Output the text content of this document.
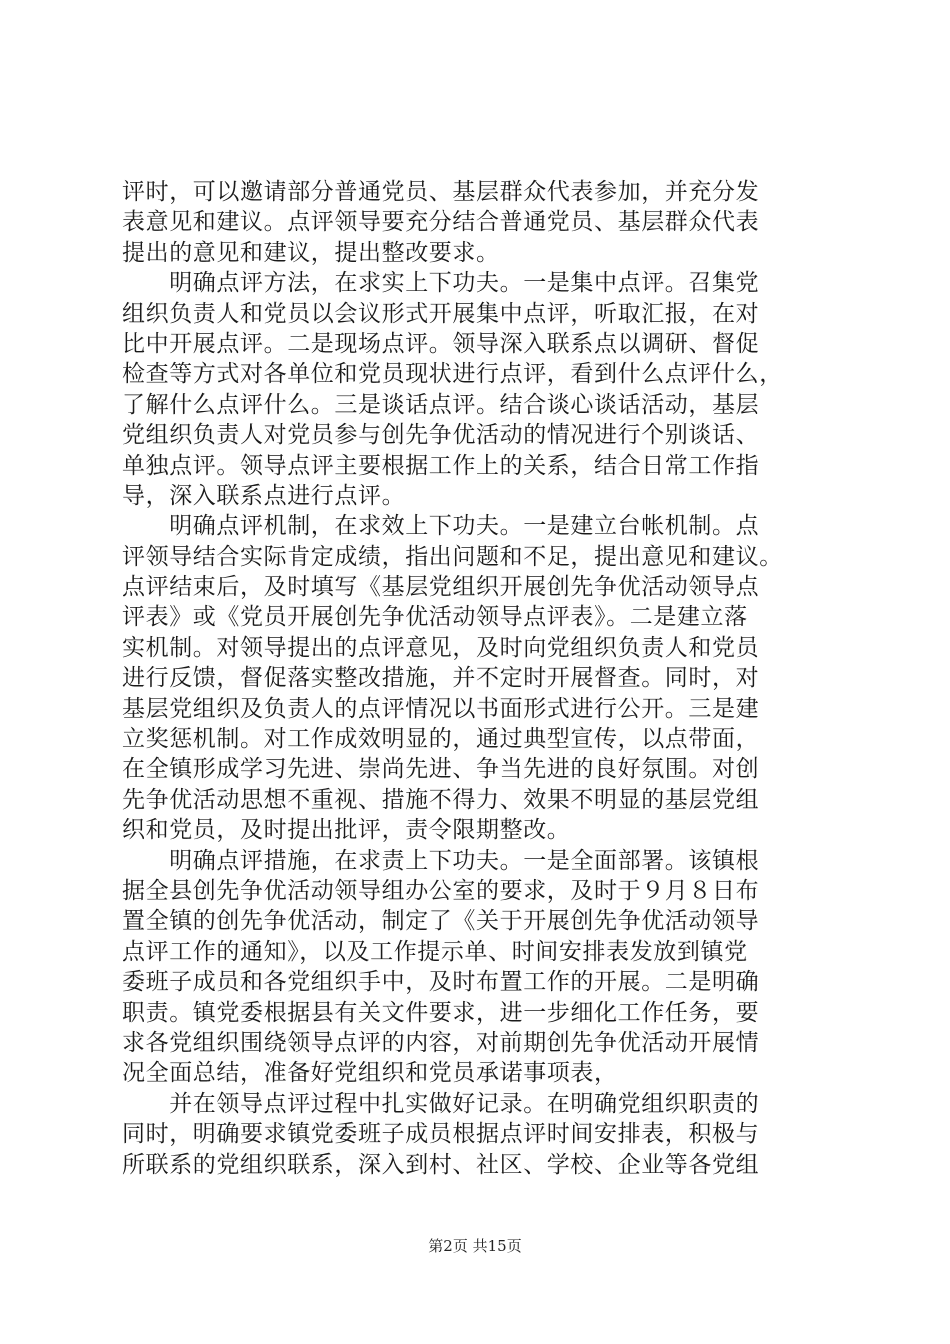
评时，可以邀请部分普通党员、基层群众代表参加，并充分发
表意见和建议。点评领导要充分结合普通党员、基层群众代表
提出的意见和建议，提出整改要求。
　　明确点评方法，在求实上下功夫。一是集中点评。召集党
组织负责人和党员以会议形式开展集中点评，听取汇报，在对
比中开展点评。二是现场点评。领导深入联系点以调研、督促
检查等方式对各单位和党员现状进行点评，看到什么点评什么，
了解什么点评什么。三是谈话点评。结合谈心谈话活动，基层
党组织负责人对党员参与创先争优活动的情况进行个别谈话、
单独点评。领导点评主要根据工作上的关系，结合日常工作指
导，深入联系点进行点评。
　　明确点评机制，在求效上下功夫。一是建立台帐机制。点
评领导结合实际肯定成绩，指出问题和不足，提出意见和建议。
点评结束后，及时填写《基层党组织开展创先争优活动领导点
评表》或《党员开展创先争优活动领导点评表》。二是建立落
实机制。对领导提出的点评意见，及时向党组织负责人和党员
进行反馈，督促落实整改措施，并不定时开展督查。同时，对
基层党组织及负责人的点评情况以书面形式进行公开。三是建
立奖惩机制。对工作成效明显的，通过典型宣传，以点带面，
在全镇形成学习先进、崇尚先进、争当先进的良好氛围。对创
先争优活动思想不重视、措施不得力、效果不明显的基层党组
织和党员，及时提出批评，责令限期整改。
　　明确点评措施，在求责上下功夫。一是全面部署。该镇根
据全县创先争优活动领导组办公室的要求，及时于９月８日布
置全镇的创先争优活动，制定了《关于开展创先争优活动领导
点评工作的通知》，以及工作提示单、时间安排表发放到镇党
委班子成员和各党组织手中，及时布置工作的开展。二是明确
职责。镇党委根据县有关文件要求，进一步细化工作任务，要
求各党组织围绕领导点评的内容，对前期创先争优活动开展情
况全面总结，准备好党组织和党员承诺事项表，
　　并在领导点评过程中扎实做好记录。在明确党组织职责的
同时，明确要求镇党委班子成员根据点评时间安排表，积极与
所联系的党组织联系，深入到村、社区、学校、企业等各党组
第2页 共15页
